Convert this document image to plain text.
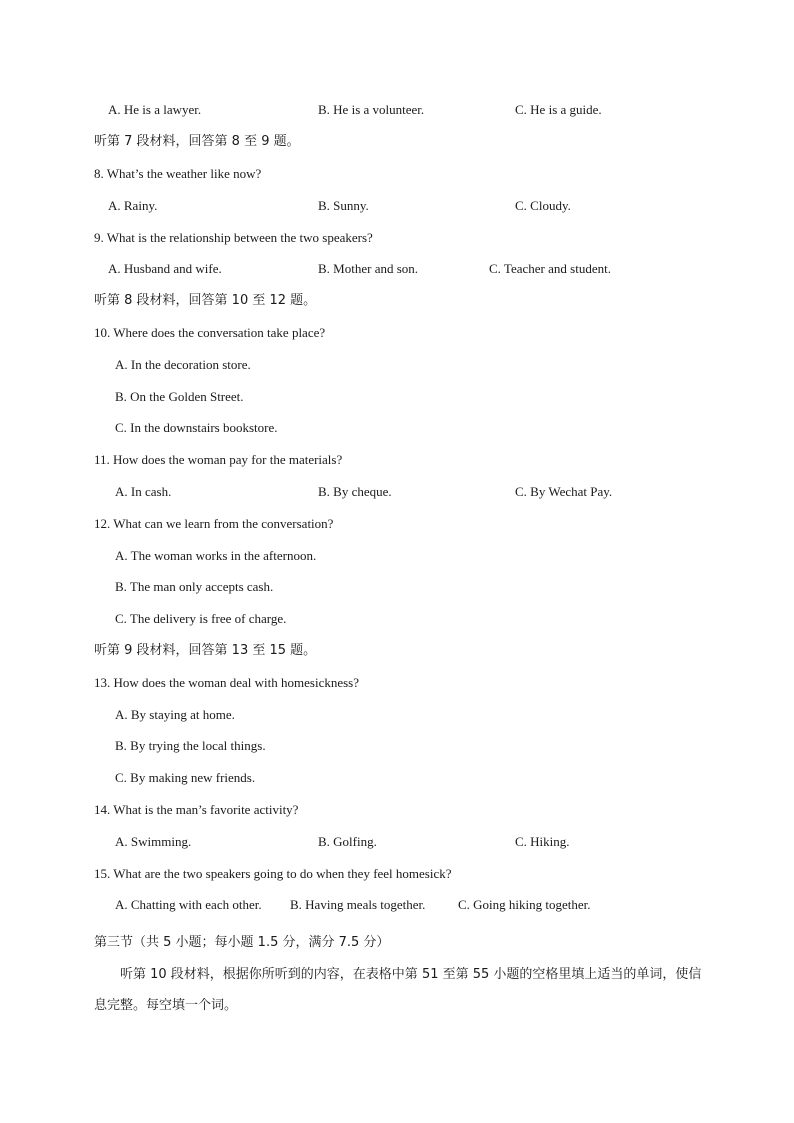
A. He is a lawyer.	B. He is a volunteer.	C. He is a guide.
听第 7 段材料，回答第 8 至 9 题。
8. What’s the weather like now?
A. Rainy.	B. Sunny.	C. Cloudy.
9. What is the relationship between the two speakers?
A. Husband and wife.	B. Mother and son.	C. Teacher and student.
听第 8 段材料，回答第 10 至 12 题。
10. Where does the conversation take place?
A. In the decoration store.
B. On the Golden Street.
C. In the downstairs bookstore.
11. How does the woman pay for the materials?
A. In cash.	B. By cheque.	C. By Wechat Pay.
12. What can we learn from the conversation?
A. The woman works in the afternoon.
B. The man only accepts cash.
C. The delivery is free of charge.
听第 9 段材料，回答第 13 至 15 题。
13. How does the woman deal with homesickness?
A. By staying at home.
B. By trying the local things.
C. By making new friends.
14. What is the man’s favorite activity?
A. Swimming.	B. Golfing.	C. Hiking.
15. What are the two speakers going to do when they feel homesick?
A. Chatting with each other. B. Having meals together.	C. Going hiking together.
第三节（共 5 小题；每小题 1.5 分，满分 7.5 分）
听第 10 段材料，根据你所听到的内容，在表格中第 51 至第 55 小题的空格里填上适当的单词，使信息完整。每空填一个词。
